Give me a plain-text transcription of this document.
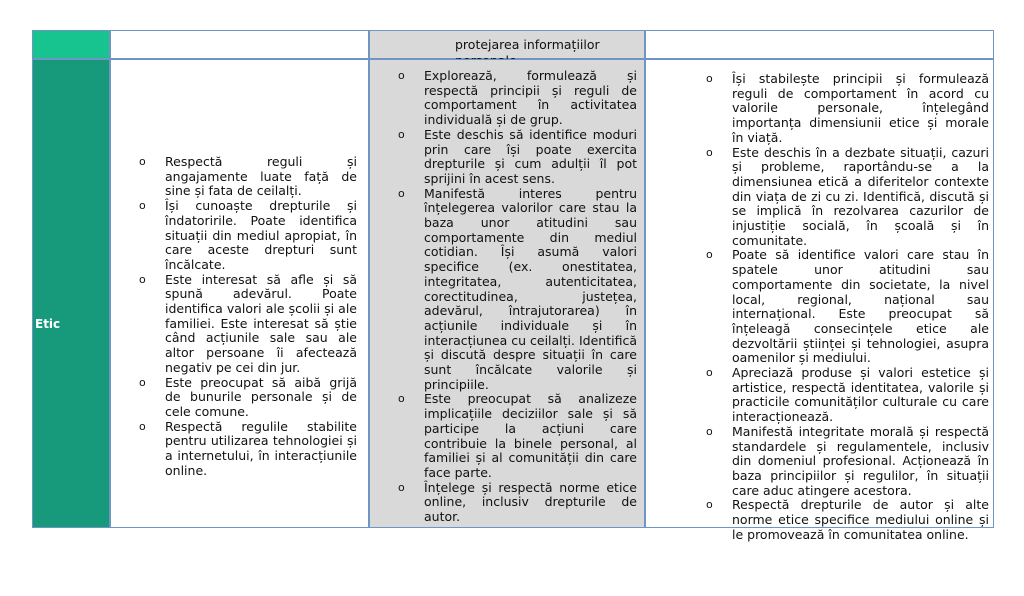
protejarea informațiilor
Etic
o Respectă reguli și angajamente luate față de sine și fata de ceilalți.
o Își cunoaște drepturile și îndatoririle. Poate identifica situații din mediul apropiat, în care aceste drepturi sunt încălcate.
o Este interesat să afle și să spună adevărul. Poate identifica valori ale școlii și ale familiei. Este interesat să știe când acțiunile sale sau ale altor persoane îi afectează negativ pe cei din jur.
o Este preocupat să aibă grijă de bunurile personale și de cele comune.
o Respectă regulile stabilite pentru utilizarea tehnologiei și a internetului, în interacțiunile online.
o Explorează, formulează și respectă principii și reguli de comportament în activitatea individuală și de grup.
o Este deschis să identifice moduri prin care își poate exercita drepturile și cum adulții îl pot sprijini în acest sens.
o Manifestă interes pentru înțelegerea valorilor care stau la baza unor atitudini sau comportamente din mediul cotidian. Își asumă valori specifice (ex. onestitatea, integritatea, autenticitatea, corectitudinea, justețea, adevărul, întrajutorarea) în acțiunile individuale și în interacțiunea cu ceilalți. Identifică și discută despre situații în care sunt încălcate valorile și principiile.
o Este preocupat să analizeze implicațiile deciziilor sale și să participe la acțiuni care contribuie la binele personal, al familiei și al comunității din care face parte.
o Înțelege și respectă norme etice online, inclusiv drepturile de autor.
o Își stabilește principii și formulează reguli de comportament în acord cu valorile personale, înțelegând importanța dimensiunii etice și morale în viață.
o Este deschis în a dezbate situații, cazuri și probleme, raportându-se a la dimensiunea etică a diferitelor contexte din viața de zi cu zi. Identifică, discută și se implică în rezolvarea cazurilor de injustiție socială, în școală și în comunitate.
o Poate să identifice valori care stau în spatele unor atitudini sau comportamente din societate, la nivel local, regional, național sau internațional. Este preocupat să înțeleagă consecințele etice ale dezvoltării științei și tehnologiei, asupra oamenilor și mediului.
o Apreciază produse și valori estetice și artistice, respectă identitatea, valorile și practicile comunităților culturale cu care interacționează.
o Manifestă integritate morală și respectă standardele și regulamentele, inclusiv din domeniul profesional. Acționează în baza principiilor și regulilor, în situații care aduc atingere acestora.
o Respectă drepturile de autor și alte norme etice specifice mediului online și le promovează în comunitatea online.
